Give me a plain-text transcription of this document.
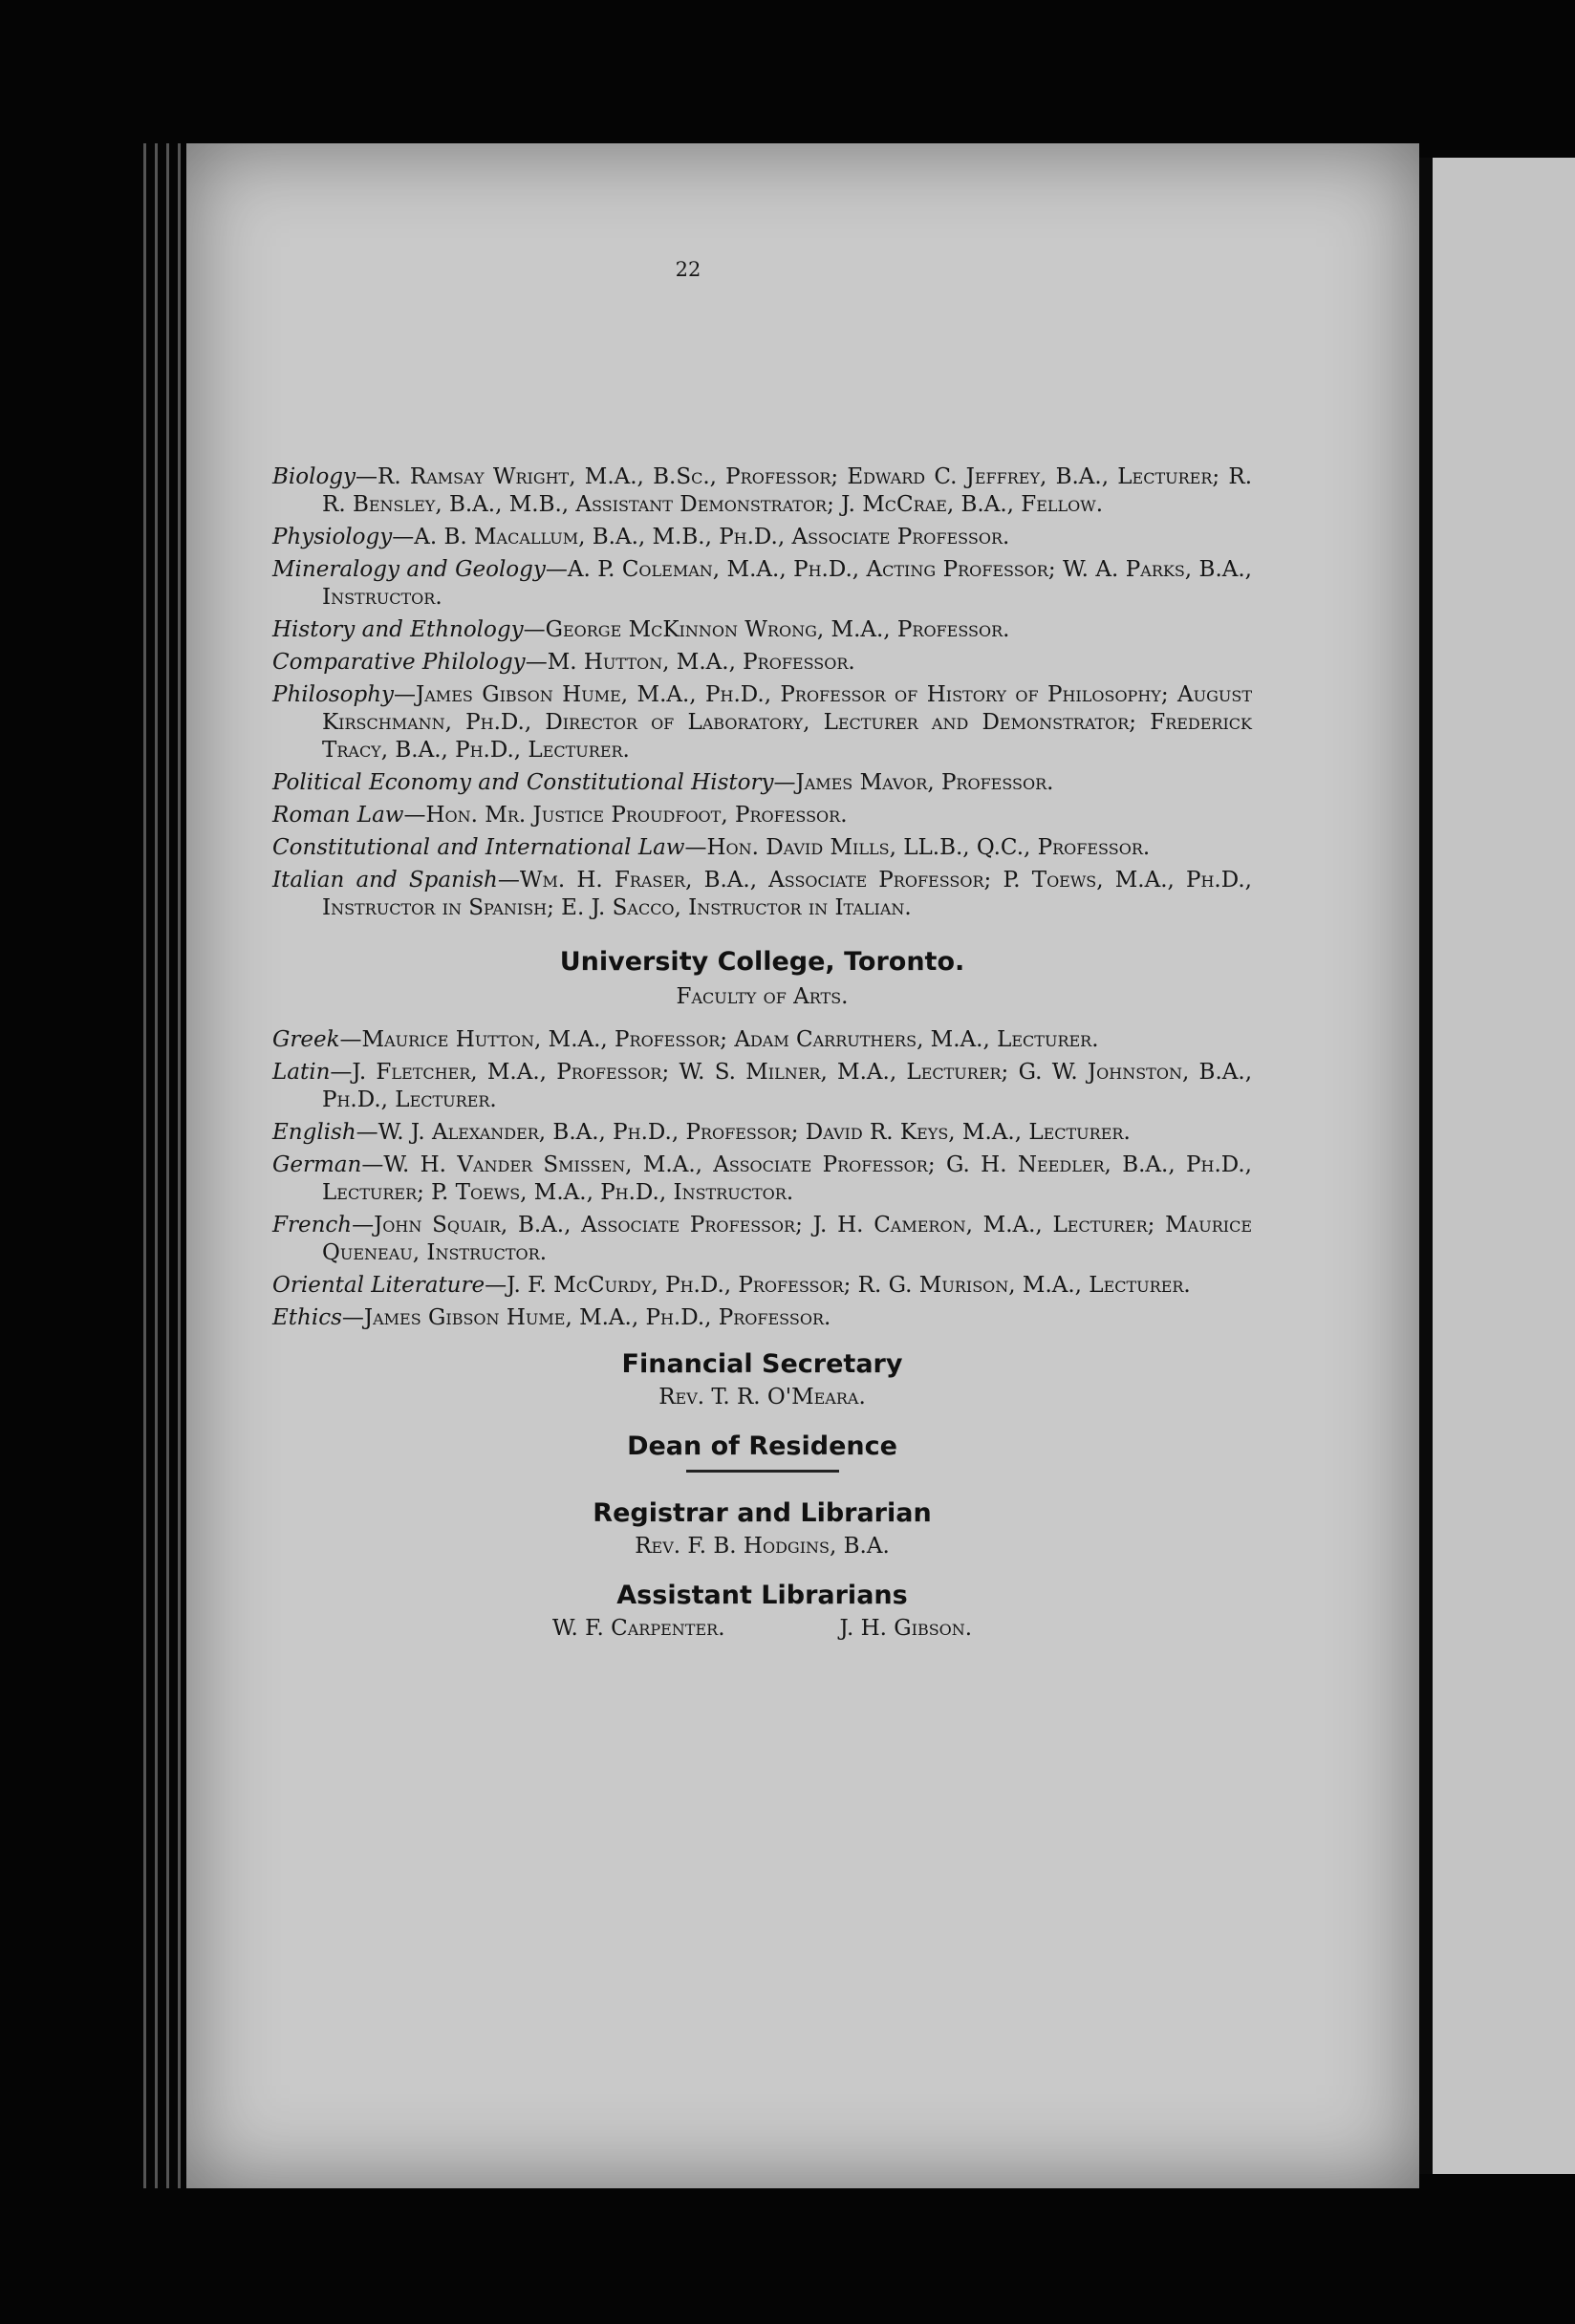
22

Biology—R. Ramsay Wright, M.A., B.Sc., Professor; Edward C. Jeffrey, B.A., Lecturer; R. R. Bensley, B.A., M.B., Assistant Demonstrator; J. McCrae, B.A., Fellow.

Physiology—A. B. Macallum, B.A., M.B., Ph.D., Associate Professor.

Mineralogy and Geology—A. P. Coleman, M.A., Ph.D., Acting Professor; W. A. Parks, B.A., Instructor.

History and Ethnology—George McKinnon Wrong, M.A., Professor.

Comparative Philology—M. Hutton, M.A., Professor.

Philosophy—James Gibson Hume, M.A., Ph.D., Professor of History of Philosophy; August Kirschmann, Ph.D., Director of Laboratory, Lecturer and Demonstrator; Frederick Tracy, B.A., Ph.D., Lecturer.

Political Economy and Constitutional History—James Mavor, Professor.

Roman Law—Hon. Mr. Justice Proudfoot, Professor.

Constitutional and International Law—Hon. David Mills, LL.B., Q.C., Professor.

Italian and Spanish—Wm. H. Fraser, B.A., Associate Professor; P. Toews, M.A., Ph.D., Instructor in Spanish; E. J. Sacco, Instructor in Italian.

University College, Toronto.

Faculty of Arts.

Greek—Maurice Hutton, M.A., Professor; Adam Carruthers, M.A., Lecturer.

Latin—J. Fletcher, M.A., Professor; W. S. Milner, M.A., Lecturer; G. W. Johnston, B.A., Ph.D., Lecturer.

English—W. J. Alexander, B.A., Ph.D., Professor; David R. Keys, M.A., Lecturer.

German—W. H. Vander Smissen, M.A., Associate Professor; G. H. Needler, B.A., Ph.D., Lecturer; P. Toews, M.A., Ph.D., Instructor.

French—John Squair, B.A., Associate Professor; J. H. Cameron, M.A., Lecturer; Maurice Queneau, Instructor.

Oriental Literature—J. F. McCurdy, Ph.D., Professor; R. G. Murison, M.A., Lecturer.

Ethics—James Gibson Hume, M.A., Ph.D., Professor.

Financial Secretary

Rev. T. R. O'Meara.

Dean of Residence

Registrar and Librarian

Rev. F. B. Hodgins, B.A.

Assistant Librarians

W. F. Carpenter.	J. H. Gibson.
